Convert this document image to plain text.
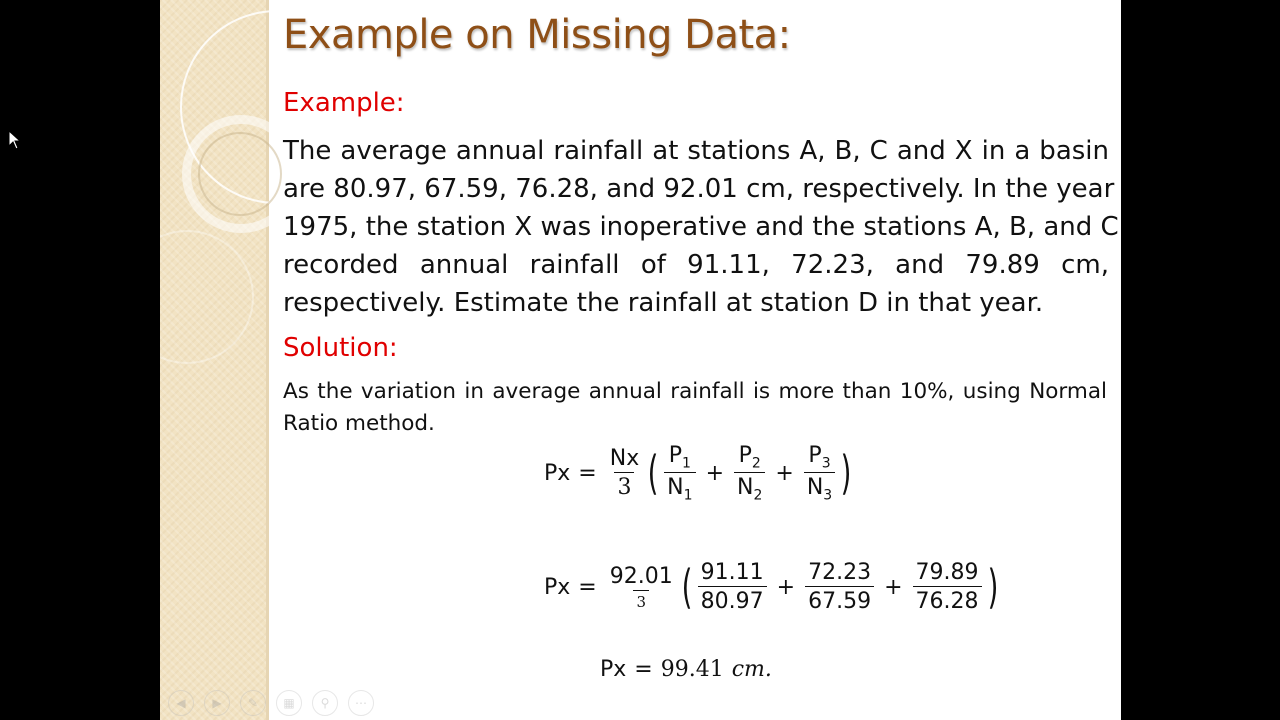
Example on Missing Data:
Example:
The average annual rainfall at stations A, B, C and X in a basin
are 80.97, 67.59, 76.28, and 92.01 cm, respectively. In the year
1975, the station X was inoperative and the stations A, B, and C
recorded annual rainfall of 91.11, 72.23, and 79.89 cm,
respectively. Estimate the rainfall at station D in that year.
Solution:
As the variation in average annual rainfall is more than 10%, using Normal
Ratio method.
$Px = \frac{Nx}{3}$ ( $\frac{P_1}{N_1} + \frac{P_2}{N_2} + \frac{P_3}{N_3}$ )
$Px = \frac{92.01}{3}$ ( $\frac{91.11}{80.97} + \frac{72.23}{67.59} + \frac{79.89}{76.28}$ )
Px = 99.41 cm.
◀	▶	✎	▦	⚲	⋯
